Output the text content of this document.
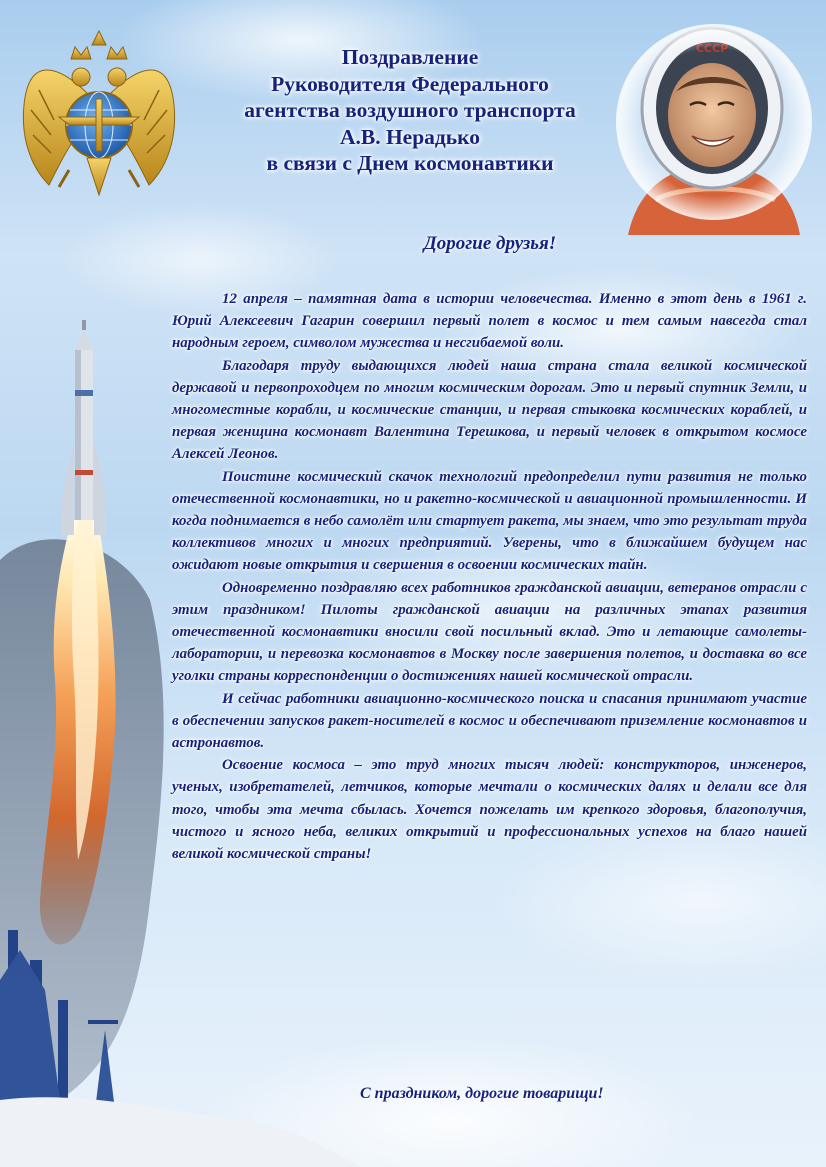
Поздравление
Руководителя Федерального
агентства воздушного транспорта
А.В. Нерадько
в связи с Днем космонавтики
Дорогие друзья!

12 апреля – памятная дата в истории человечества. Именно в этот день в 1961 г. Юрий Алексеевич Гагарин совершил первый полет в космос и тем самым навсегда стал народным героем, символом мужества и несгибаемой воли.

Благодаря труду выдающихся людей наша страна стала великой космической державой и первопроходцем по многим космическим дорогам. Это и первый спутник Земли, и многоместные корабли, и космические станции, и первая стыковка космических кораблей, и первая женщина космонавт Валентина Терешкова, и первый человек в открытом космосе Алексей Леонов.

Поистине космический скачок технологий предопределил пути развития не только отечественной космонавтики, но и ракетно-космической и авиационной промышленности. И когда поднимается в небо самолёт или стартует ракета, мы знаем, что это результат труда коллективов многих и многих предприятий. Уверены, что в ближайшем будущем нас ожидают новые открытия и свершения в освоении космических тайн.

Одновременно поздравляю всех работников гражданской авиации, ветеранов отрасли с этим праздником! Пилоты гражданской авиации на различных этапах развития отечественной космонавтики вносили свой посильный вклад. Это и летающие самолеты-лаборатории, и перевозка космонавтов в Москву после завершения полетов, и доставка во все уголки страны корреспонденции о достижениях нашей космической отрасли.

И сейчас работники авиационно-космического поиска и спасания принимают участие в обеспечении запусков ракет-носителей в космос и обеспечивают приземление космонавтов и астронавтов.

Освоение космоса – это труд многих тысяч людей: конструкторов, инженеров, ученых, изобретателей, летчиков, которые мечтали о космических далях и делали все для того, чтобы эта мечта сбылась. Хочется пожелать им крепкого здоровья, благополучия, чистого и ясного неба, великих открытий и профессиональных успехов на благо нашей великой космической страны!

С праздником, дорогие товарищи!
